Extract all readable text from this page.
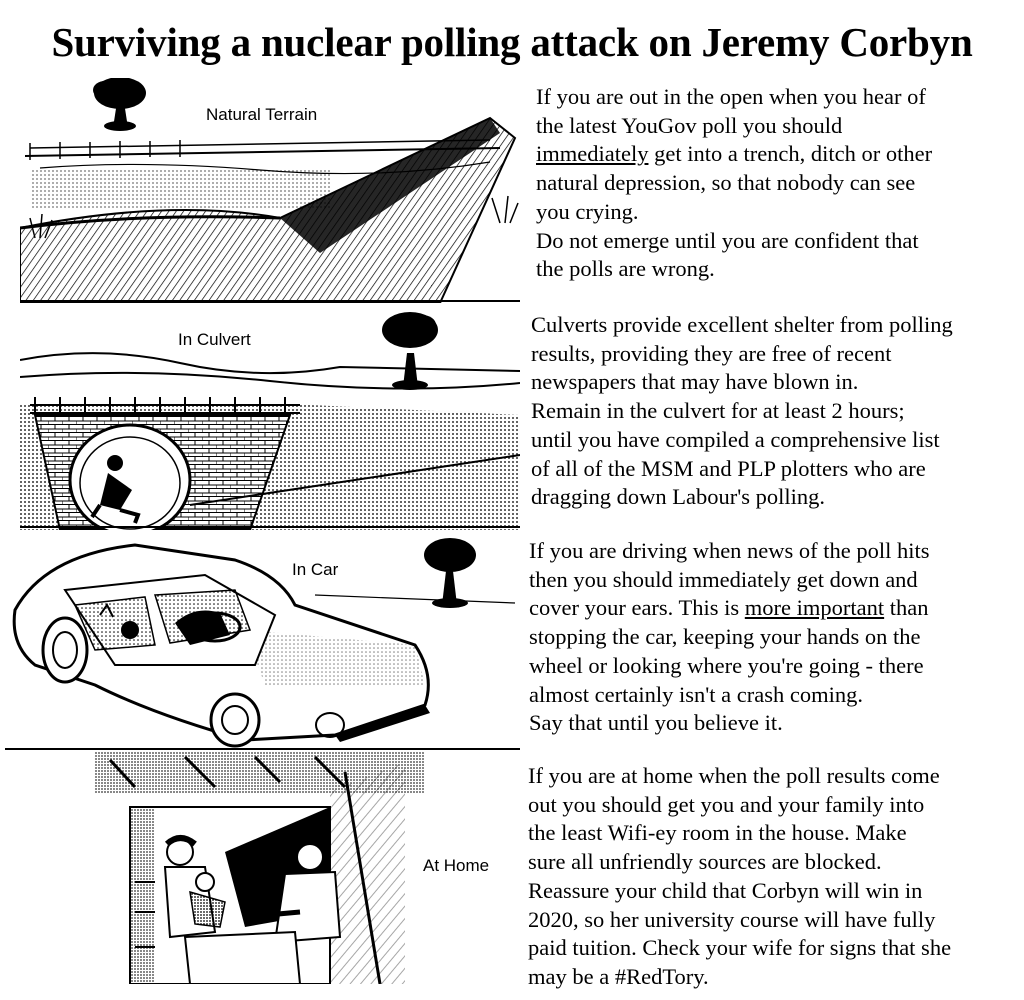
Surviving a nuclear polling attack on Jeremy Corbyn
Natural Terrain
In Culvert
In Car
At Home
If you are out in the open when you hear of
the latest YouGov poll you should
immediately get into a trench, ditch or other
natural depression, so that nobody can see
you crying.
Do not emerge until you are confident that
the polls are wrong.
Culverts provide excellent shelter from polling
results, providing they are free of recent
newspapers that may have blown in.
Remain in the culvert for at least 2 hours;
until you have compiled a comprehensive list
of all of the MSM and PLP plotters who are
dragging down Labour's polling.
If you are driving when news of the poll hits
then you should immediately get down and
cover your ears. This is more important than
stopping the car, keeping your hands on the
wheel or looking where you're going - there
almost certainly isn't a crash coming.
Say that until you believe it.
If you are at home when the poll results come
out you should get you and your family into
the least Wifi-ey room in the house. Make
sure all unfriendly sources are blocked.
Reassure your child that Corbyn will win in
2020, so her university course will have fully
paid tuition. Check your wife for signs that she
may be a #RedTory.
